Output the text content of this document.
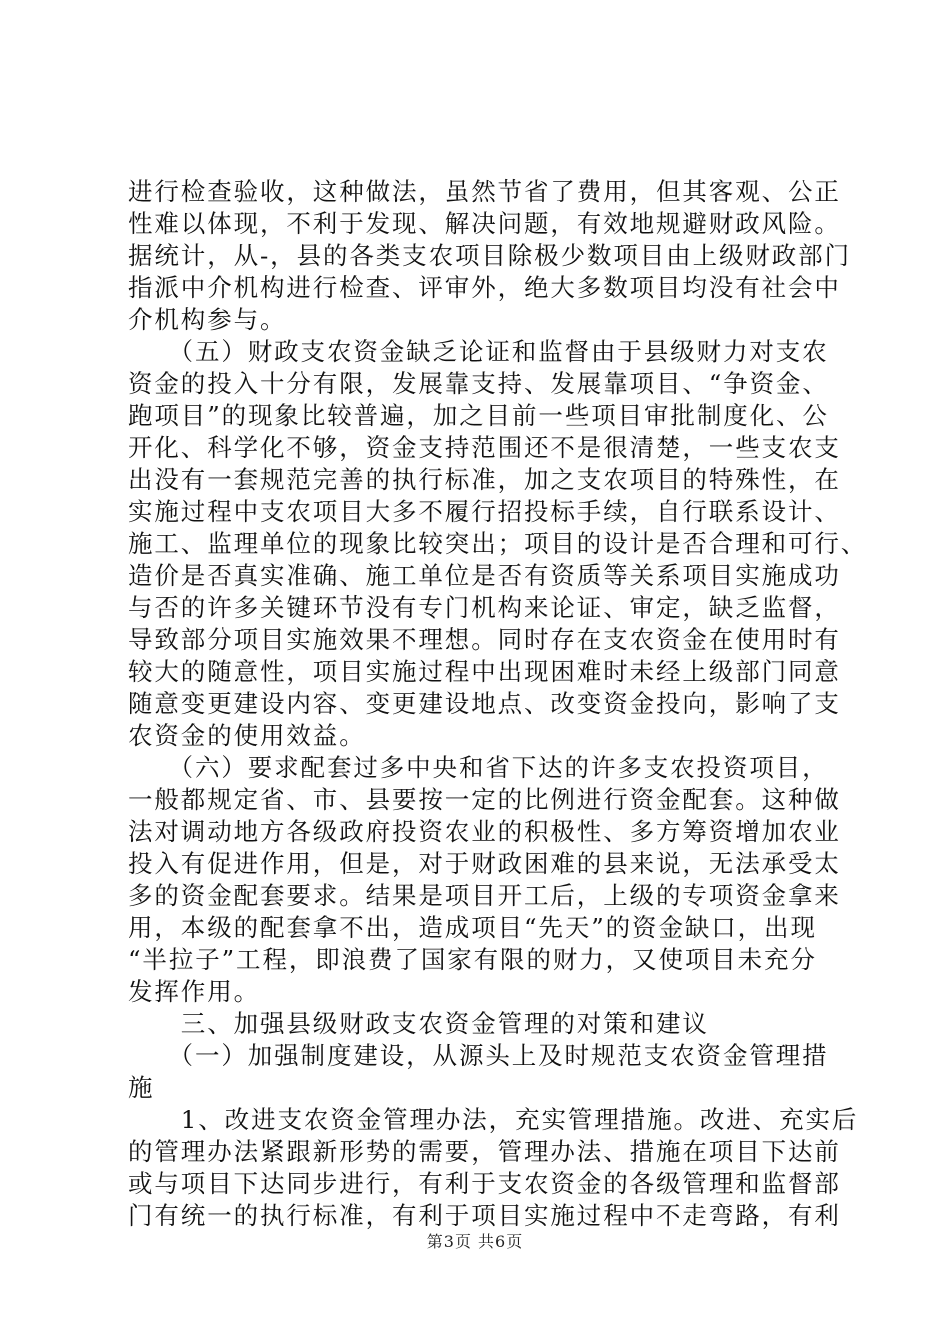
进行检查验收，这种做法，虽然节省了费用，但其客观、公正
性难以体现，不利于发现、解决问题，有效地规避财政风险。
据统计，从-，县的各类支农项目除极少数项目由上级财政部门
指派中介机构进行检查、评审外，绝大多数项目均没有社会中
介机构参与。
　　（五）财政支农资金缺乏论证和监督由于县级财力对支农
资金的投入十分有限，发展靠支持、发展靠项目、“争资金、
跑项目”的现象比较普遍，加之目前一些项目审批制度化、公
开化、科学化不够，资金支持范围还不是很清楚，一些支农支
出没有一套规范完善的执行标准，加之支农项目的特殊性，在
实施过程中支农项目大多不履行招投标手续，自行联系设计、
施工、监理单位的现象比较突出；项目的设计是否合理和可行、
造价是否真实准确、施工单位是否有资质等关系项目实施成功
与否的许多关键环节没有专门机构来论证、审定，缺乏监督，
导致部分项目实施效果不理想。同时存在支农资金在使用时有
较大的随意性，项目实施过程中出现困难时未经上级部门同意
随意变更建设内容、变更建设地点、改变资金投向，影响了支
农资金的使用效益。
　　（六）要求配套过多中央和省下达的许多支农投资项目，
一般都规定省、市、县要按一定的比例进行资金配套。这种做
法对调动地方各级政府投资农业的积极性、多方筹资增加农业
投入有促进作用，但是，对于财政困难的县来说，无法承受太
多的资金配套要求。结果是项目开工后，上级的专项资金拿来
用，本级的配套拿不出，造成项目“先天”的资金缺口，出现
“半拉子”工程，即浪费了国家有限的财力，又使项目未充分
发挥作用。
　　三、加强县级财政支农资金管理的对策和建议
　　（一）加强制度建设，从源头上及时规范支农资金管理措
施
　　1、改进支农资金管理办法，充实管理措施。改进、充实后
的管理办法紧跟新形势的需要，管理办法、措施在项目下达前
或与项目下达同步进行，有利于支农资金的各级管理和监督部
门有统一的执行标准，有利于项目实施过程中不走弯路，有利
第3页 共6页
